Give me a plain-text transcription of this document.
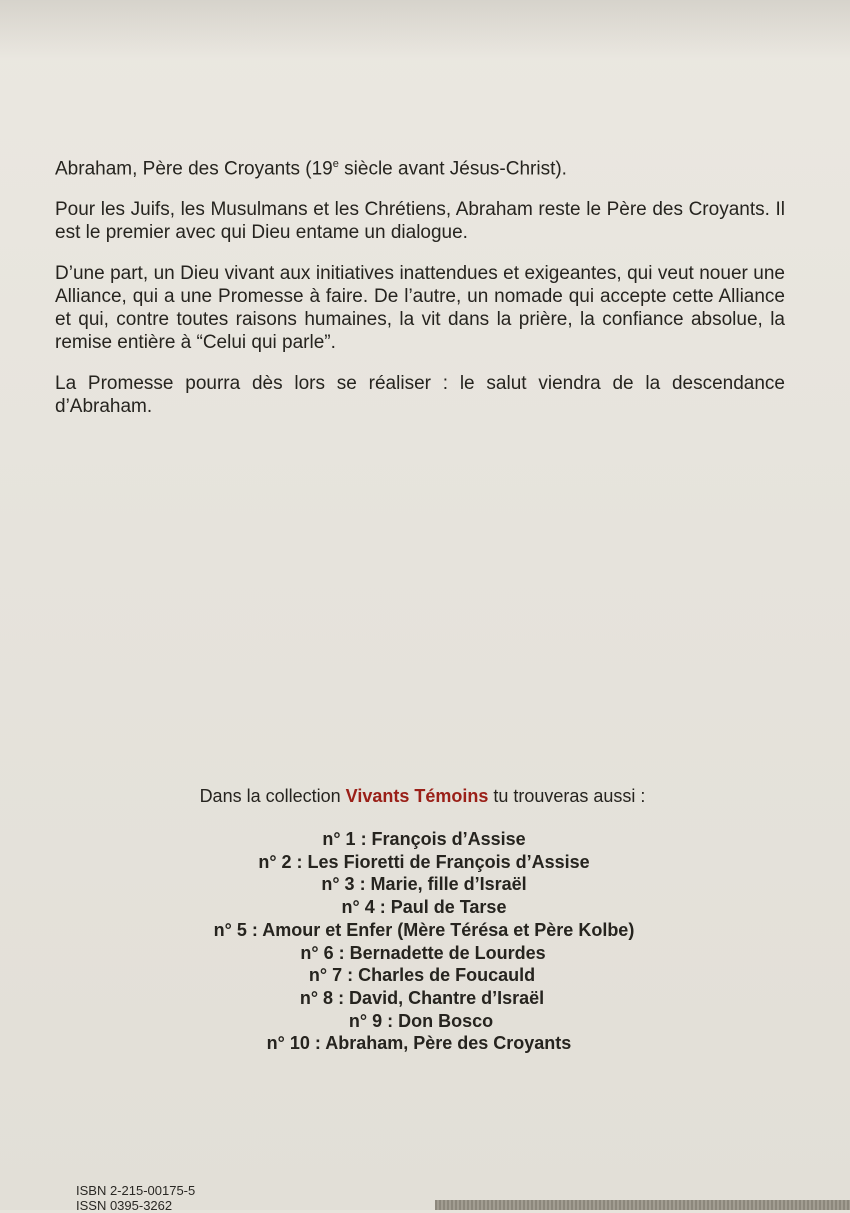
Abraham, Père des Croyants (19e siècle avant Jésus-Christ).

Pour les Juifs, les Musulmans et les Chrétiens, Abraham reste le Père des Croyants. Il est le premier avec qui Dieu entame un dialogue.

D’une part, un Dieu vivant aux initiatives inattendues et exigeantes, qui veut nouer une Alliance, qui a une Promesse à faire. De l’autre, un nomade qui accepte cette Alliance et qui, contre toutes raisons humaines, la vit dans la prière, la confiance absolue, la remise entière à “Celui qui parle”.

La Promesse pourra dès lors se réaliser : le salut viendra de la descendance d’Abraham.

Dans la collection Vivants Témoins tu trouveras aussi :
n° 1 : François d’Assise
n° 2 : Les Fioretti de François d’Assise
n° 3 : Marie, fille d’Israël
n° 4 : Paul de Tarse
n° 5 : Amour et Enfer (Mère Térésa et Père Kolbe)
n° 6 : Bernadette de Lourdes
n° 7 : Charles de Foucauld
n° 8 : David, Chantre d’Israël
n° 9 : Don Bosco
n° 10 : Abraham, Père des Croyants
ISBN 2-215-00175-5
ISSN 0395-3262
